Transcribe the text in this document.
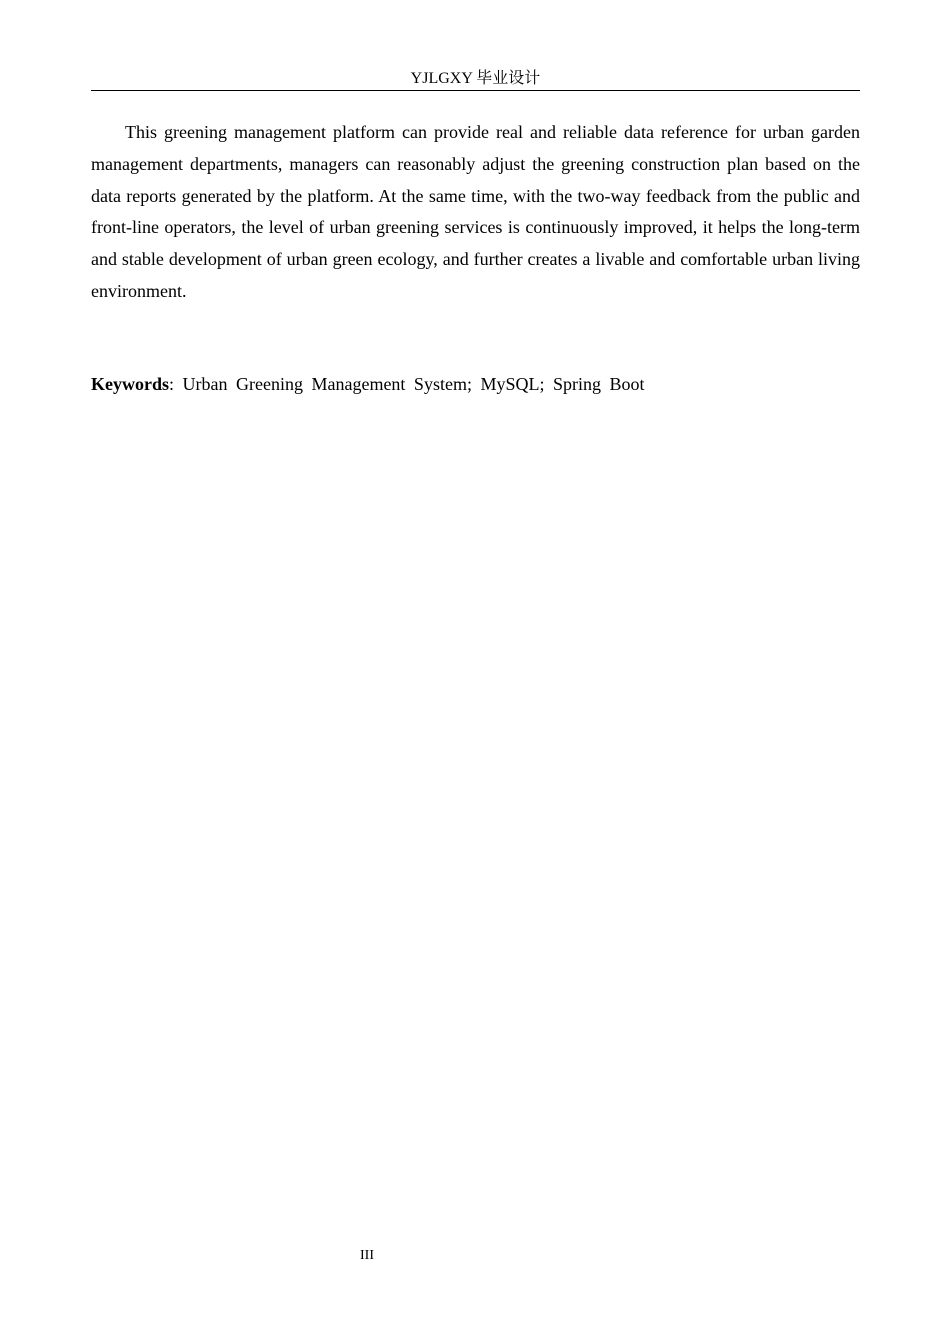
YJLGXY 毕业设计

This greening management platform can provide real and reliable data reference for urban garden management departments, managers can reasonably adjust the greening construction plan based on the data reports generated by the platform. At the same time, with the two-way feedback from the public and front-line operators, the level of urban greening services is continuously improved, it helps the long-term and stable development of urban green ecology, and further creates a livable and comfortable urban living environment.

Keywords: Urban Greening Management System; MySQL; Spring Boot

III
